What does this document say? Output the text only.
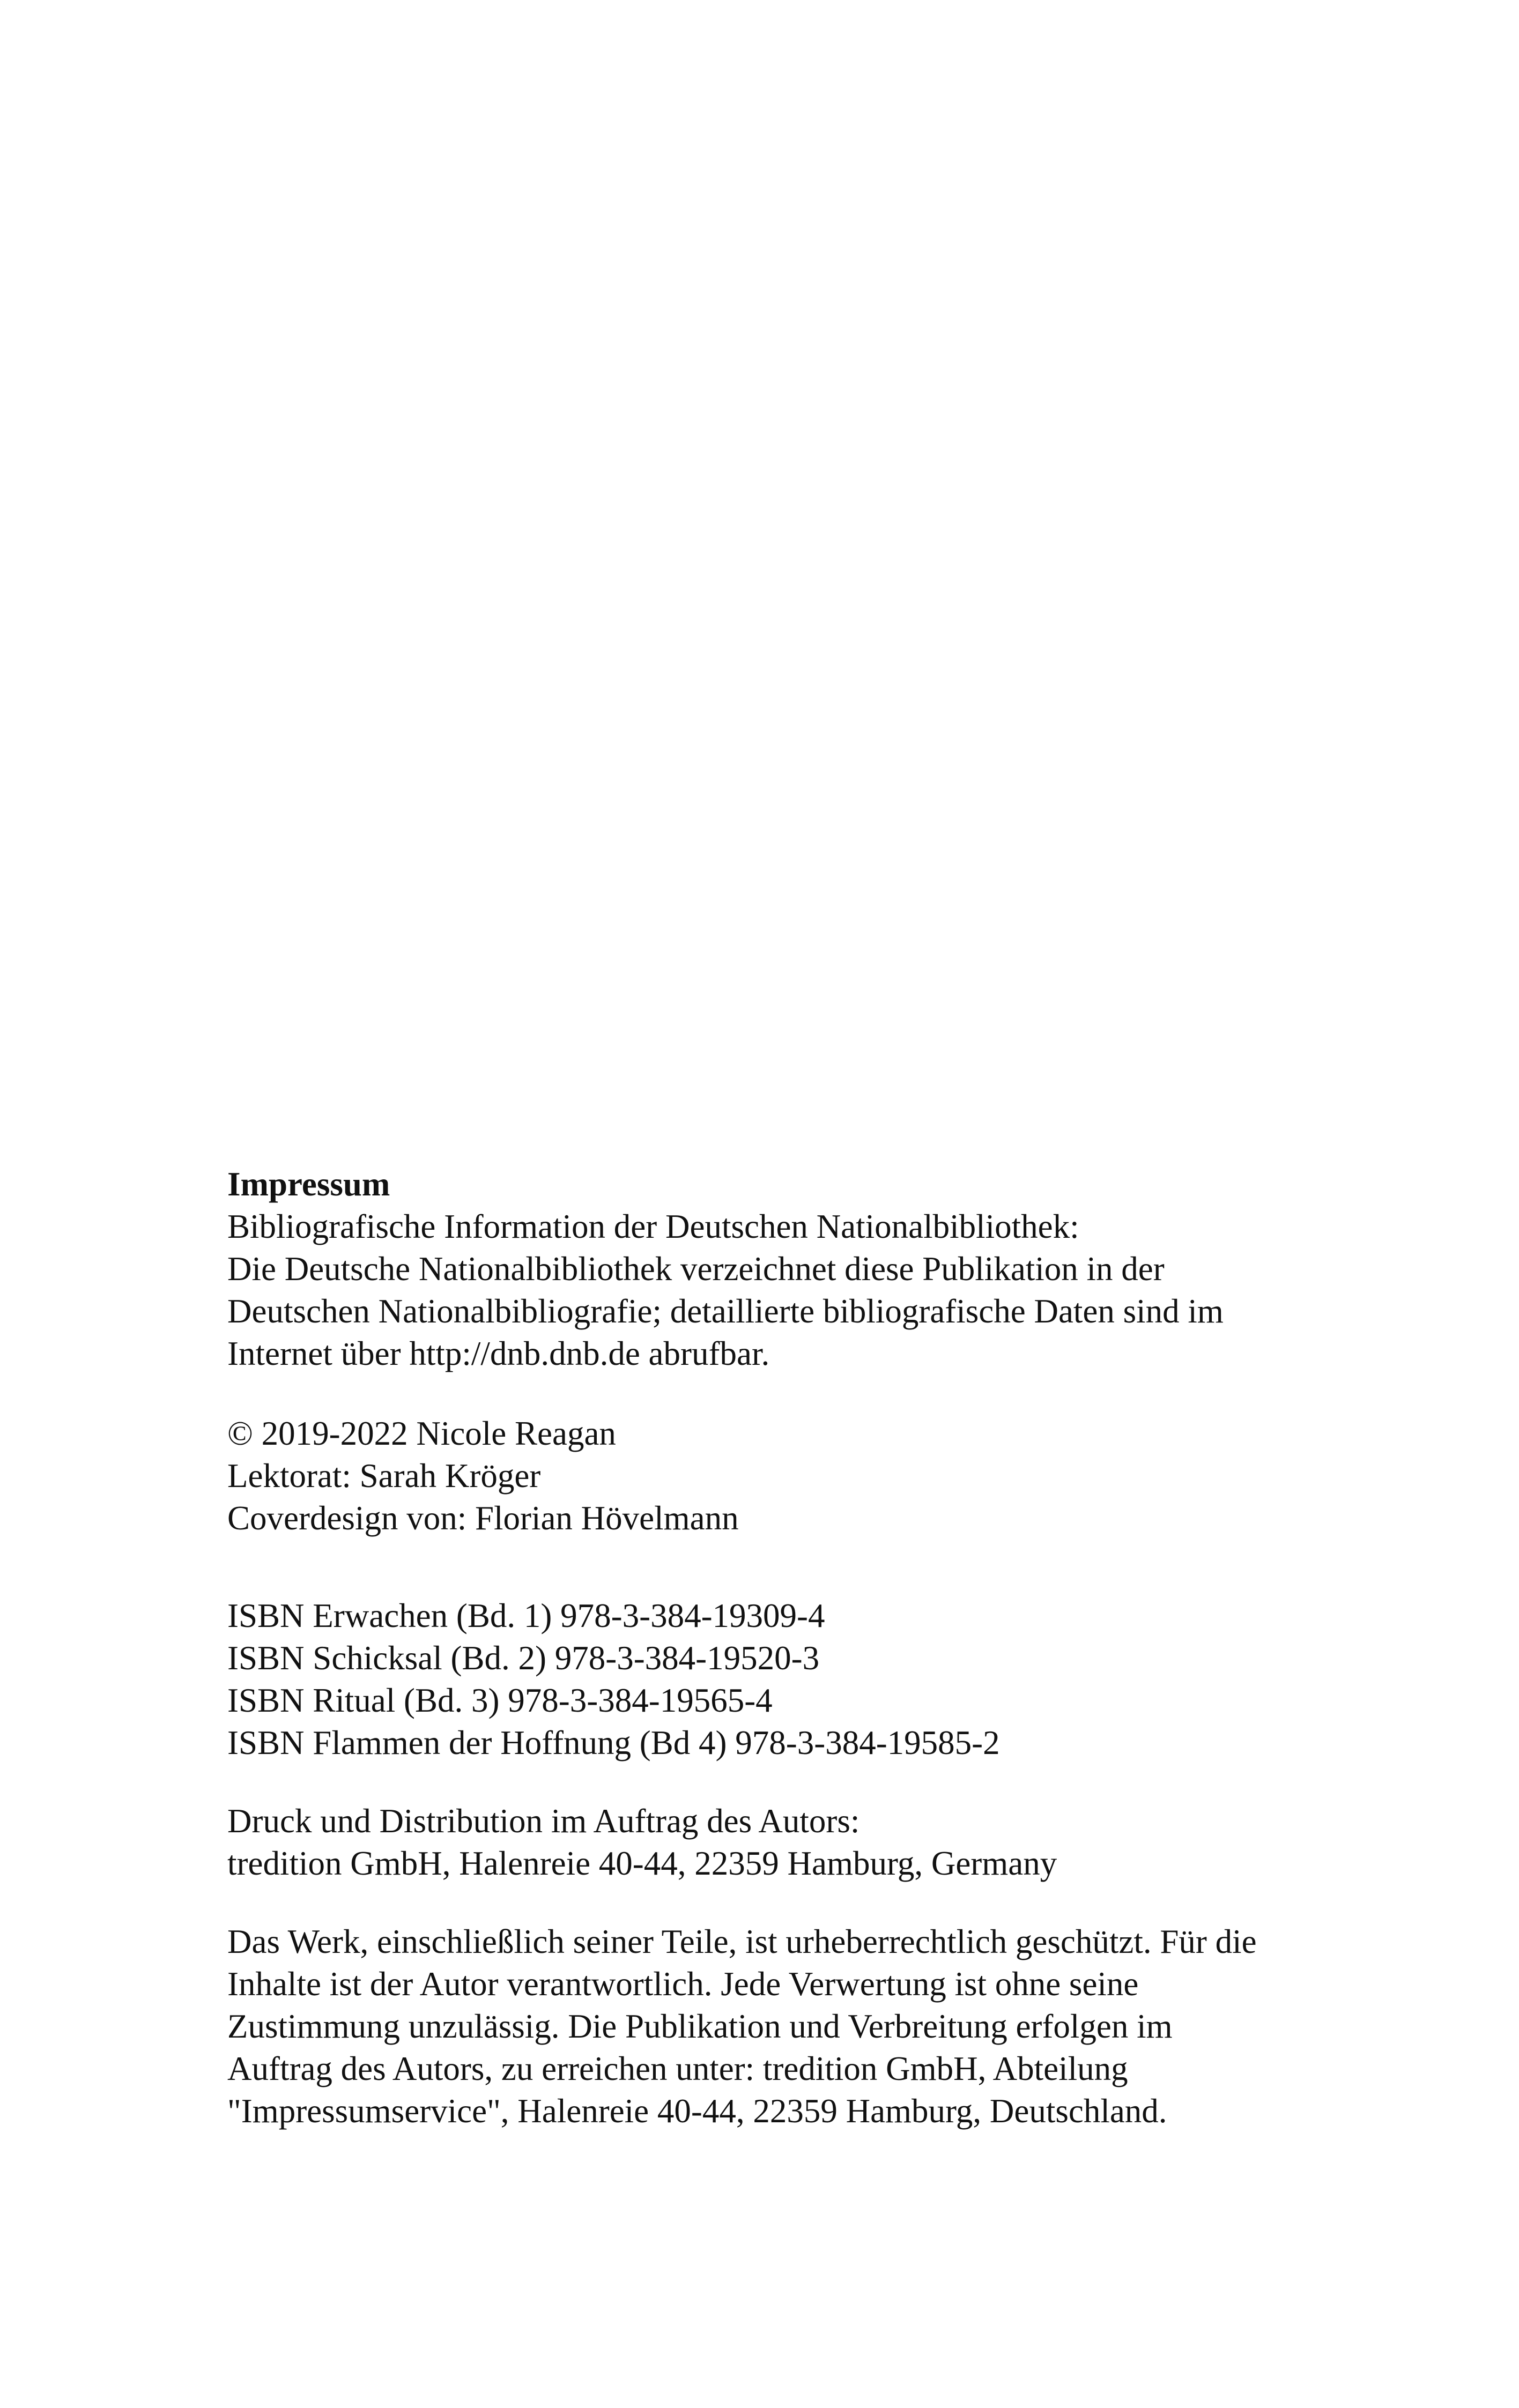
Impressum
Bibliografische Information der Deutschen Nationalbibliothek:
Die Deutsche Nationalbibliothek verzeichnet diese Publikation in der
Deutschen Nationalbibliografie; detaillierte bibliografische Daten sind im
Internet über http://dnb.dnb.de abrufbar.
© 2019-2022 Nicole Reagan
Lektorat: Sarah Kröger
Coverdesign von: Florian Hövelmann
ISBN Erwachen (Bd. 1) 978-3-384-19309-4
ISBN Schicksal (Bd. 2) 978-3-384-19520-3
ISBN Ritual (Bd. 3) 978-3-384-19565-4
ISBN Flammen der Hoffnung (Bd 4) 978-3-384-19585-2
Druck und Distribution im Auftrag des Autors:
tredition GmbH, Halenreie 40-44, 22359 Hamburg, Germany
Das Werk, einschließlich seiner Teile, ist urheberrechtlich geschützt. Für die
Inhalte ist der Autor verantwortlich. Jede Verwertung ist ohne seine
Zustimmung unzulässig. Die Publikation und Verbreitung erfolgen im
Auftrag des Autors, zu erreichen unter: tredition GmbH, Abteilung
"Impressumservice", Halenreie 40-44, 22359 Hamburg, Deutschland.
